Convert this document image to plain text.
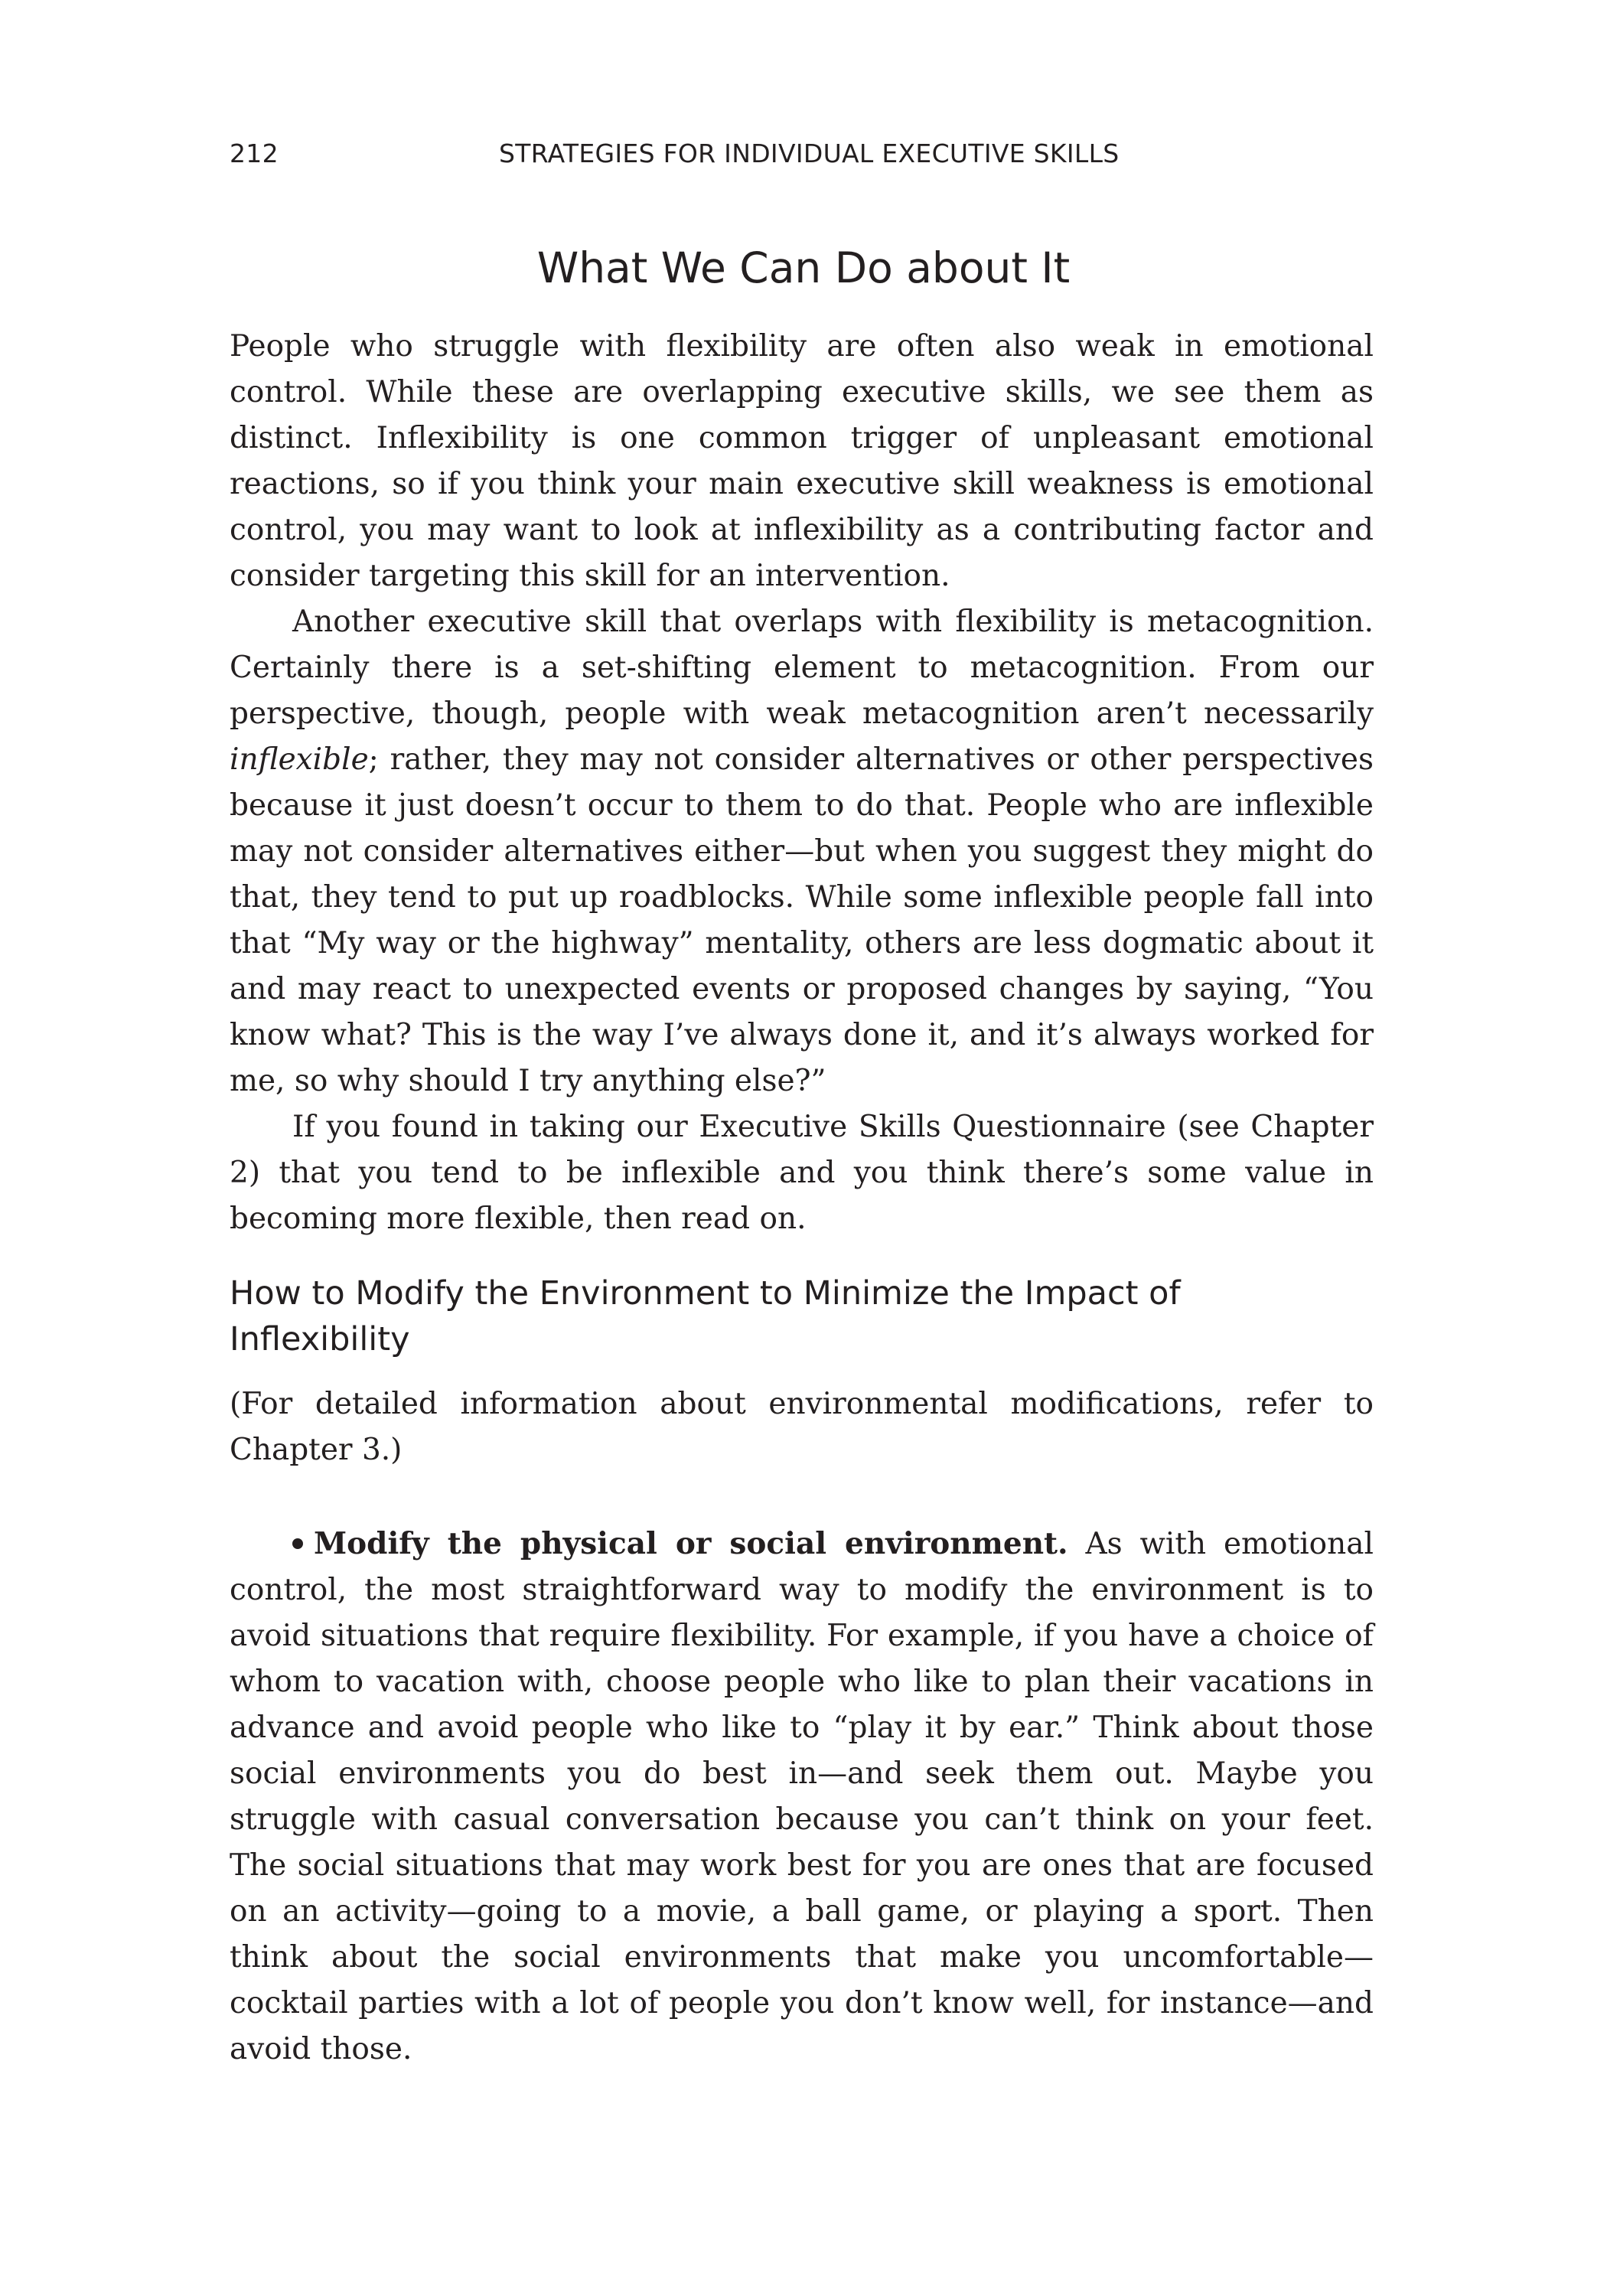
212	STRATEGIES FOR INDIVIDUAL EXECUTIVE SKILLS
What We Can Do about It

People who struggle with flexibility are often also weak in emotional control. While these are overlapping executive skills, we see them as distinct. Inflexibility is one common trigger of unpleasant emotional reactions, so if you think your main executive skill weakness is emotional control, you may want to look at inflexibility as a contributing factor and consider targeting this skill for an intervention.

Another executive skill that overlaps with flexibility is metacognition. Certainly there is a set-shifting element to metacognition. From our perspective, though, people with weak metacognition aren’t necessarily inflexible; rather, they may not consider alternatives or other perspectives because it just doesn’t occur to them to do that. People who are inflexible may not consider alternatives either—but when you suggest they might do that, they tend to put up roadblocks. While some inflexible people fall into that “My way or the highway” mentality, others are less dogmatic about it and may react to unexpected events or proposed changes by saying, “You know what? This is the way I’ve always done it, and it’s always worked for me, so why should I try anything else?”

If you found in taking our Executive Skills Questionnaire (see Chapter 2) that you tend to be inflexible and you think there’s some value in becoming more flexible, then read on.

How to Modify the Environment to Minimize the Impact of Inflexibility

(For detailed information about environmental modifications, refer to Chapter 3.)

Modify the physical or social environment. As with emotional control, the most straightforward way to modify the environment is to avoid situations that require flexibility. For example, if you have a choice of whom to vacation with, choose people who like to plan their vacations in advance and avoid people who like to “play it by ear.” Think about those social environments you do best in—and seek them out. Maybe you struggle with casual conversation because you can’t think on your feet. The social situations that may work best for you are ones that are focused on an activity—going to a movie, a ball game, or playing a sport. Then think about the social environments that make you uncomfortable—cocktail parties with a lot of people you don’t know well, for instance—and avoid those.
